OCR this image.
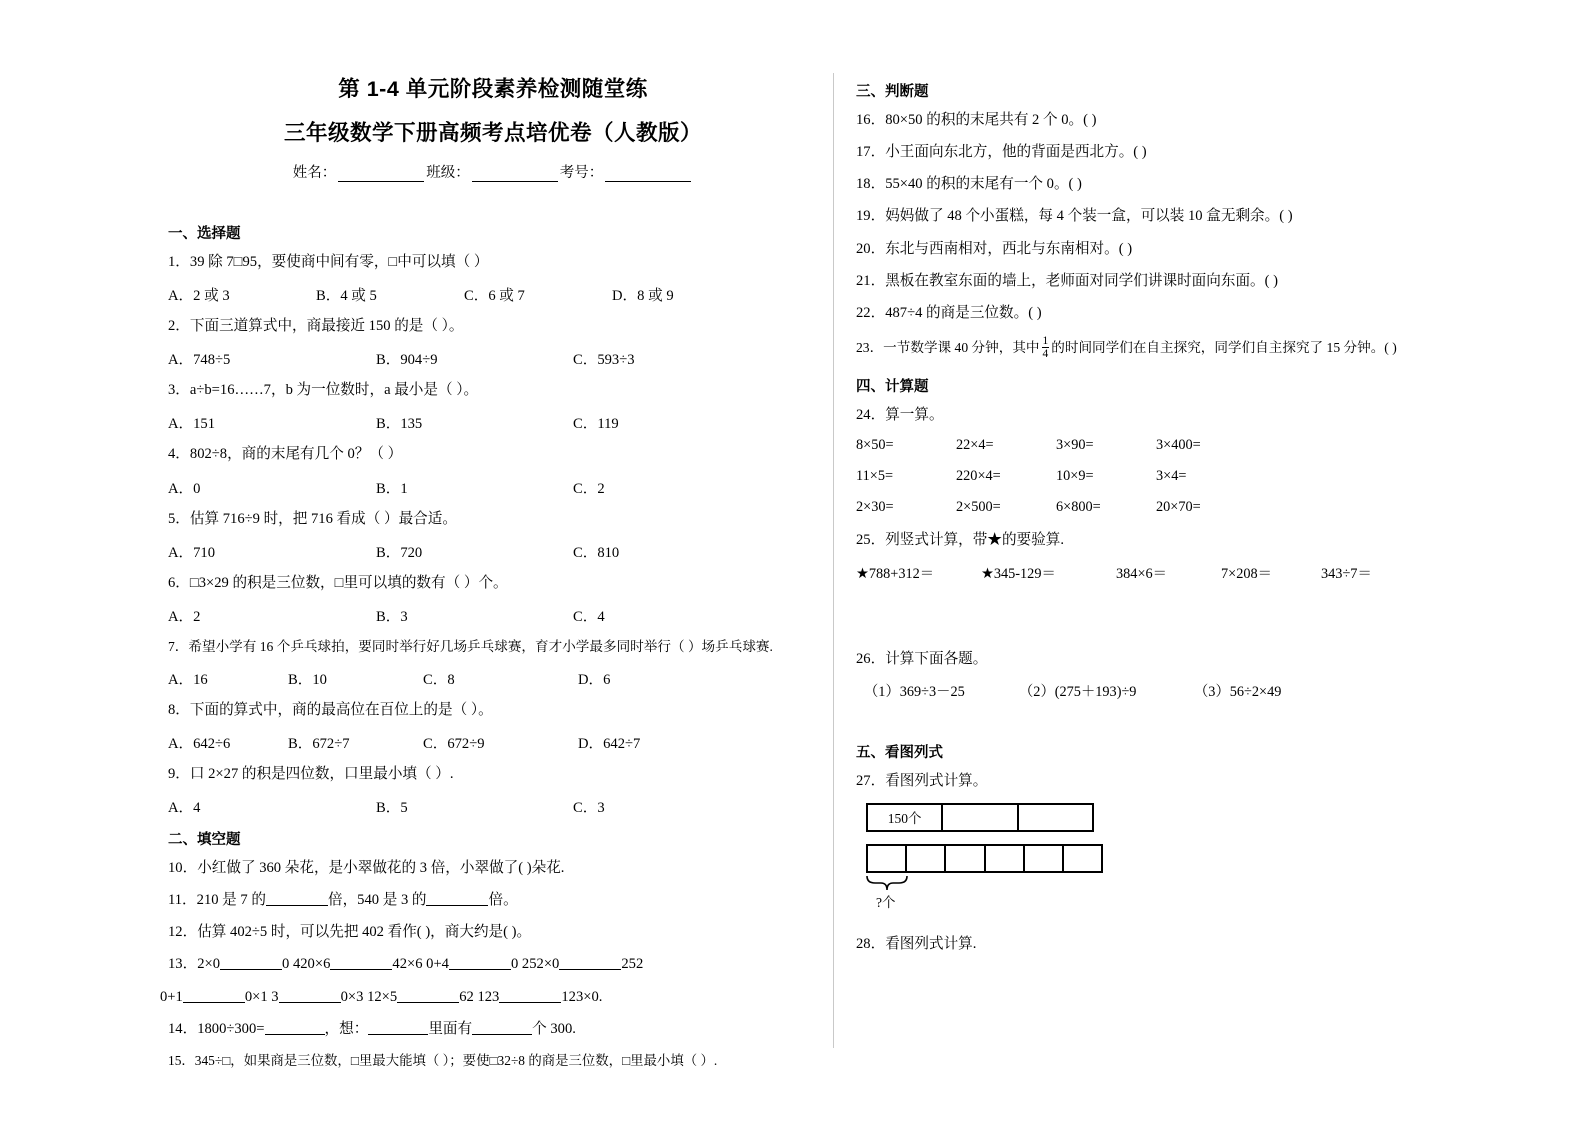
第 1-4 单元阶段素养检测随堂练
三年级数学下册高频考点培优卷（人教版）
姓名：	班级：	考号：
一、选择题
1．39 除 7□95，要使商中间有零，□中可以填（ ）
A．2 或 3	B．4 或 5	C．6 或 7	D．8 或 9
2．下面三道算式中，商最接近 150 的是（ ）。
A．748÷5	B．904÷9	C．593÷3
3．a÷b=16……7，b 为一位数时，a 最小是（ ）。
A．151	B．135	C．119
4．802÷8，商的末尾有几个 0？（ ）
A．0	B．1	C．2
5．估算 716÷9 时，把 716 看成（ ）最合适。
A．710	B．720	C．810
6．□3×29 的积是三位数，□里可以填的数有（ ）个。
A．2	B．3	C．4
7．希望小学有 16 个乒乓球拍，要同时举行好几场乒乓球赛，育才小学最多同时举行（ ）场乒乓球赛.
A．16	B．10	C．8	D．6
8．下面的算式中，商的最高位在百位上的是（ ）。
A．642÷6	B．672÷7	C．672÷9	D．642÷7
9．口 2×27 的积是四位数，口里最小填（ ）.
A．4	B．5	C．3
二、填空题
10．小红做了 360 朵花，是小翠做花的 3 倍，小翠做了( )朵花.
11．210 是 7 的	倍，540 是 3 的	倍。
12．估算 402÷5 时，可以先把 402 看作( )，商大约是( )。
13．2×0	0 420×6	42×6 0+4	0 252×0	252
0+1	0×1 3	0×3 12×5	62 123	123×0.
14．1800÷300=	，想：	里面有	个 300.
15．345÷□，如果商是三位数，□里最大能填（ ）；要使□32÷8 的商是三位数，□里最小填（ ）.
三、判断题
16．80×50 的积的末尾共有 2 个 0。( )
17．小王面向东北方，他的背面是西北方。( )
18．55×40 的积的末尾有一个 0。( )
19．妈妈做了 48 个小蛋糕，每 4 个装一盒，可以装 10 盒无剩余。( )
20．东北与西南相对，西北与东南相对。( )
21．黑板在教室东面的墙上，老师面对同学们讲课时面向东面。( )
22．487÷4 的商是三位数。( )
23．一节数学课 40 分钟，其中 $\frac{1}{4}$ 的时间同学们在自主探究，同学们自主探究了 15 分钟。( )
四、计算题
24．算一算。
8×50=	22×4=	3×90=	3×400=
11×5=	220×4=	10×9=	3×4=
2×30=	2×500=	6×800=	20×70=
25．列竖式计算，带★的要验算.
★788+312＝	★345‐129＝	384×6＝	7×208＝	343÷7＝
26．计算下面各题。
（1）369÷3－25	（2）(275＋193)÷9	（3）56÷2×49
五、看图列式
27．看图列式计算。
150个
?个
28．看图列式计算.
